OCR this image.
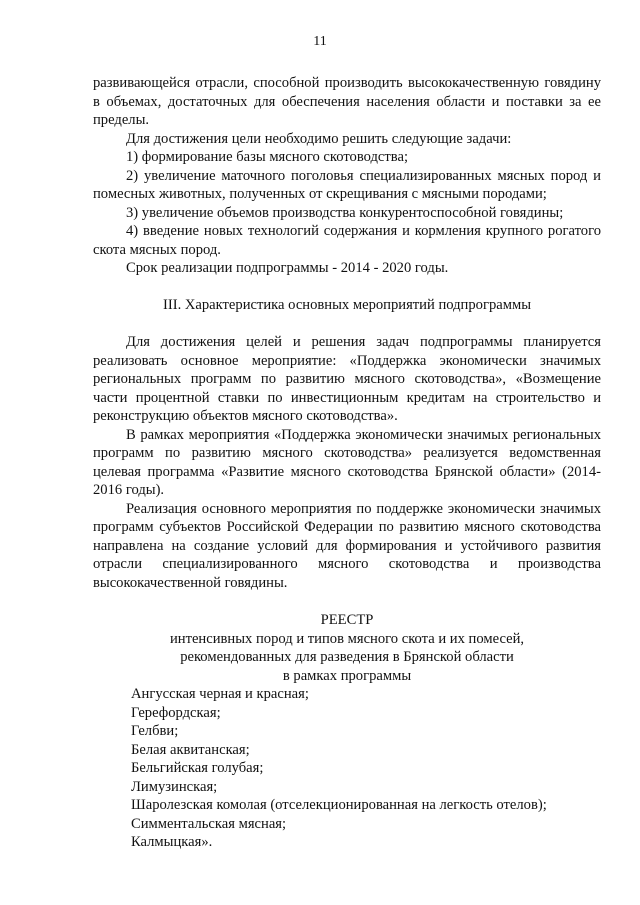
11

развивающейся отрасли, способной производить высококачественную говядину в объемах, достаточных для обеспечения населения области и поставки за ее пределы.

Для достижения цели необходимо решить следующие задачи:

1) формирование базы мясного скотоводства;

2) увеличение маточного поголовья специализированных мясных пород и помесных животных, полученных от скрещивания с мясными породами;

3) увеличение объемов производства конкурентоспособной говядины;

4) введение новых технологий содержания и кормления крупного рогатого скота мясных пород.

Срок реализации подпрограммы - 2014 - 2020 годы.

III. Характеристика основных мероприятий подпрограммы

Для достижения целей и решения задач подпрограммы планируется реализовать основное мероприятие: «Поддержка экономически значимых региональных программ по развитию мясного скотоводства», «Возмещение части процентной ставки по инвестиционным кредитам на строительство и реконструкцию объектов мясного скотоводства».

В рамках мероприятия «Поддержка экономически значимых региональных программ по развитию мясного скотоводства» реализуется ведомственная целевая программа «Развитие мясного скотоводства Брянской области» (2014-2016 годы).

Реализация основного мероприятия по поддержке экономически значимых программ субъектов Российской Федерации по развитию мясного скотоводства направлена на создание условий для формирования и устойчивого развития отрасли специализированного мясного скотоводства и производства высококачественной говядины.

РЕЕСТР

интенсивных пород и типов мясного скота и их помесей,

рекомендованных для разведения в Брянской области

в рамках программы

Ангусская черная и красная;
Герефордская;
Гелбви;
Белая аквитанская;
Бельгийская голубая;
Лимузинская;
Шаролезская комолая (отселекционированная на легкость отелов);
Симментальская мясная;
Калмыцкая».
